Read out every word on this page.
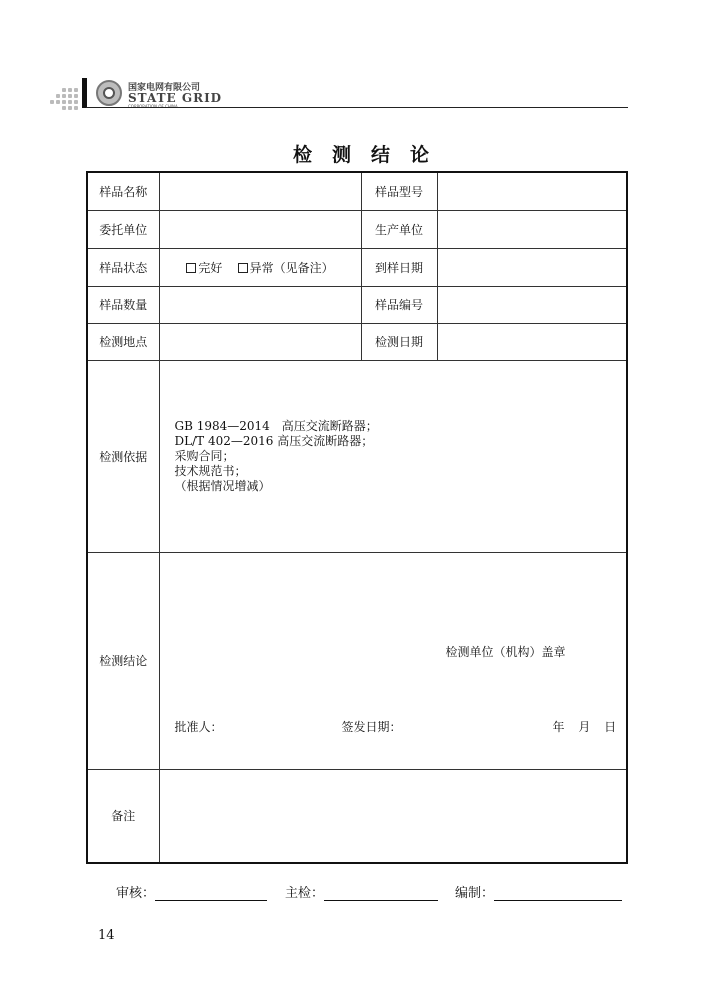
国家电网有限公司
STATE GRID
检测结论
样品名称		样品型号	
委托单位		生产单位	
样品状态	完好 异常（见备注）	到样日期	
样品数量		样品编号	
检测地点		检测日期	
检测依据	GB 1984—2014　高压交流断路器；
DL/T 402—2016 高压交流断路器；
采购合同；
技术规范书；
（根据情况增减）		

检测结论	检测单位（机构）盖章
批准人： 签发日期： 年 月 日		

备注			
审核：	主检：	编制：
14
